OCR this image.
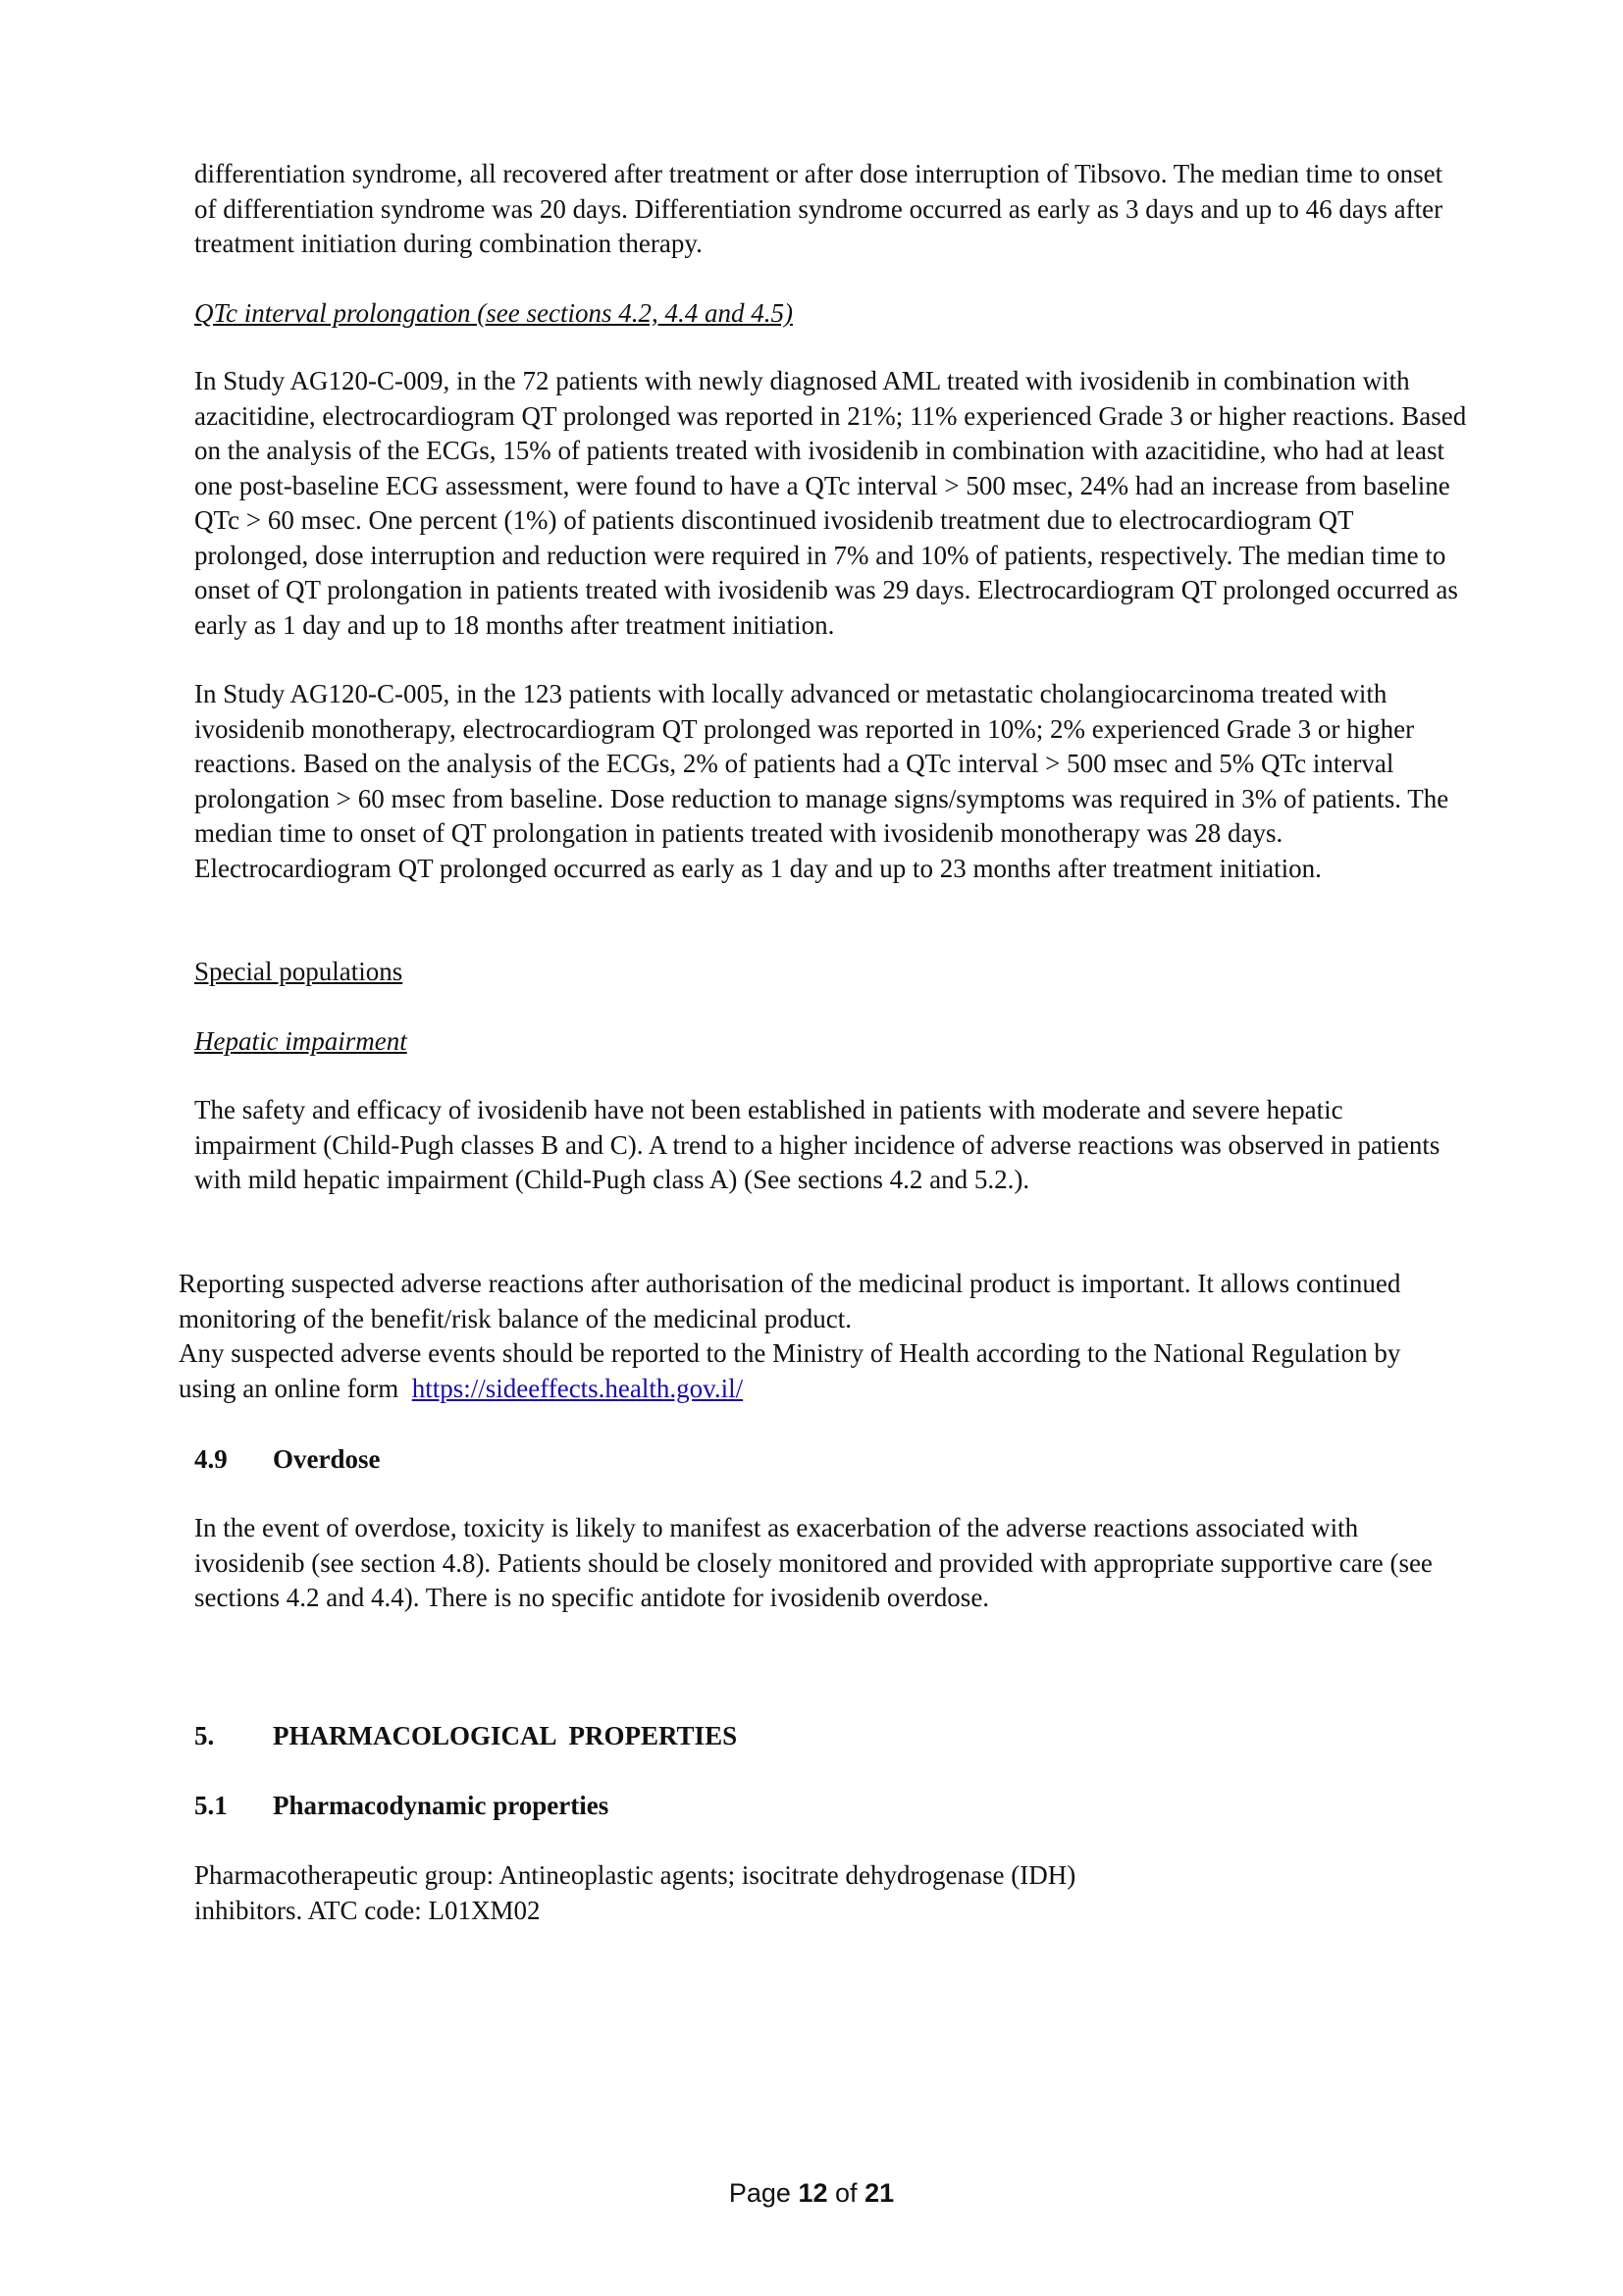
differentiation syndrome, all recovered after treatment or after dose interruption of Tibsovo. The median time to onset of differentiation syndrome was 20 days. Differentiation syndrome occurred as early as 3 days and up to 46 days after treatment initiation during combination therapy.

QTc interval prolongation (see sections 4.2, 4.4 and 4.5)

In Study AG120-C-009, in the 72 patients with newly diagnosed AML treated with ivosidenib in combination with azacitidine, electrocardiogram QT prolonged was reported in 21%; 11% experienced Grade 3 or higher reactions. Based on the analysis of the ECGs, 15% of patients treated with ivosidenib in combination with azacitidine, who had at least one post-baseline ECG assessment, were found to have a QTc interval > 500 msec, 24% had an increase from baseline QTc > 60 msec. One percent (1%) of patients discontinued ivosidenib treatment due to electrocardiogram QT prolonged, dose interruption and reduction were required in 7% and 10% of patients, respectively. The median time to onset of QT prolongation in patients treated with ivosidenib was 29 days. Electrocardiogram QT prolonged occurred as early as 1 day and up to 18 months after treatment initiation.

In Study AG120-C-005, in the 123 patients with locally advanced or metastatic cholangiocarcinoma treated with ivosidenib monotherapy, electrocardiogram QT prolonged was reported in 10%; 2% experienced Grade 3 or higher reactions. Based on the analysis of the ECGs, 2% of patients had a QTc interval > 500 msec and 5% QTc interval prolongation > 60 msec from baseline. Dose reduction to manage signs/symptoms was required in 3% of patients. The median time to onset of QT prolongation in patients treated with ivosidenib monotherapy was 28 days. Electrocardiogram QT prolonged occurred as early as 1 day and up to 23 months after treatment initiation.

Special populations

Hepatic impairment

The safety and efficacy of ivosidenib have not been established in patients with moderate and severe hepatic impairment (Child-Pugh classes B and C). A trend to a higher incidence of adverse reactions was observed in patients with mild hepatic impairment (Child-Pugh class A) (See sections 4.2 and 5.2.).

Reporting suspected adverse reactions after authorisation of the medicinal product is important. It allows continued monitoring of the benefit/risk balance of the medicinal product.
Any suspected adverse events should be reported to the Ministry of Health according to the National Regulation by using an online form https://sideeffects.health.gov.il/

4.9 Overdose

In the event of overdose, toxicity is likely to manifest as exacerbation of the adverse reactions associated with ivosidenib (see section 4.8). Patients should be closely monitored and provided with appropriate supportive care (see sections 4.2 and 4.4). There is no specific antidote for ivosidenib overdose.

5. PHARMACOLOGICAL  PROPERTIES
5.1 Pharmacodynamic properties

Pharmacotherapeutic group: Antineoplastic agents; isocitrate dehydrogenase (IDH) inhibitors. ATC code: L01XM02

Page 12 of 21
